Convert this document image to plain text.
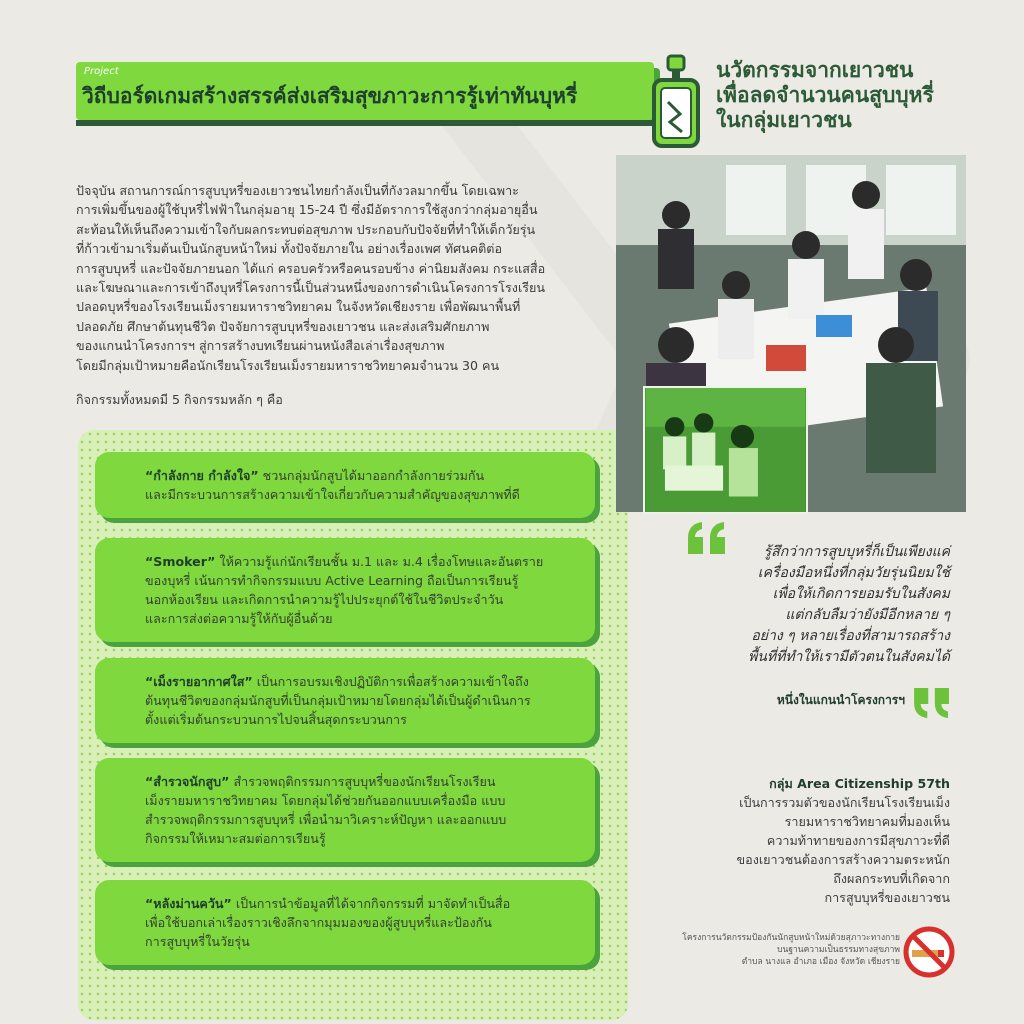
Project
วิถีบอร์ดเกมสร้างสรรค์ส่งเสริมสุขภาวะการรู้เท่าทันบุหรี่
นวัตกรรมจากเยาวชน
เพื่อลดจำนวนคนสูบบุหรี่
ในกลุ่มเยาวชน
ปัจจุบัน สถานการณ์การสูบบุหรี่ของเยาวชนไทยกำลังเป็นที่กังวลมากขึ้น โดยเฉพาะ
การเพิ่มขึ้นของผู้ใช้บุหรี่ไฟฟ้าในกลุ่มอายุ 15-24 ปี ซึ่งมีอัตราการใช้สูงกว่ากลุ่มอายุอื่น
สะท้อนให้เห็นถึงความเข้าใจกับผลกระทบต่อสุขภาพ ประกอบกับปัจจัยที่ทำให้เด็กวัยรุ่น
ที่ก้าวเข้ามาเริ่มต้นเป็นนักสูบหน้าใหม่ ทั้งปัจจัยภายใน อย่างเรื่องเพศ ทัศนคติต่อ
การสูบบุหรี่ และปัจจัยภายนอก ได้แก่ ครอบครัวหรือคนรอบข้าง ค่านิยมสังคม กระแสสื่อ
และโฆษณาและการเข้าถึงบุหรี่โครงการนี้เป็นส่วนหนึ่งของการดำเนินโครงการโรงเรียน
ปลอดบุหรี่ของโรงเรียนเม็งรายมหาราชวิทยาคม ในจังหวัดเชียงราย เพื่อพัฒนาพื้นที่
ปลอดภัย ศึกษาต้นทุนชีวิต ปัจจัยการสูบบุหรี่ของเยาวชน และส่งเสริมศักยภาพ
ของแกนนำโครงการฯ สู่การสร้างบทเรียนผ่านหนังสือเล่าเรื่องสุขภาพ
โดยมีกลุ่มเป้าหมายคือนักเรียนโรงเรียนเม็งรายมหาราชวิทยาคมจำนวน 30 คน
กิจกรรมทั้งหมดมี 5 กิจกรรมหลัก ๆ คือ
“กำลังกาย กำลังใจ” ชวนกลุ่มนักสูบได้มาออกกำลังกายร่วมกัน
และมีกระบวนการสร้างความเข้าใจเกี่ยวกับความสำคัญของสุขภาพที่ดี
“Smoker” ให้ความรู้แก่นักเรียนชั้น ม.1 และ ม.4 เรื่องโทษและอันตราย
ของบุหรี่ เน้นการทำกิจกรรมแบบ Active Learning ถือเป็นการเรียนรู้
นอกห้องเรียน และเกิดการนำความรู้ไปประยุกต์ใช้ในชีวิตประจำวัน
และการส่งต่อความรู้ให้กับผู้อื่นด้วย
“เม็งรายอากาศใส” เป็นการอบรมเชิงปฏิบัติการเพื่อสร้างความเข้าใจถึง
ต้นทุนชีวิตของกลุ่มนักสูบที่เป็นกลุ่มเป้าหมายโดยกลุ่มได้เป็นผู้ดำเนินการ
ตั้งแต่เริ่มต้นกระบวนการไปจนสิ้นสุดกระบวนการ
“สำรวจนักสูบ” สำรวจพฤติกรรมการสูบบุหรี่ของนักเรียนโรงเรียน
เม็งรายมหาราชวิทยาคม โดยกลุ่มได้ช่วยกันออกแบบเครื่องมือ แบบ
สำรวจพฤติกรรมการสูบบุหรี่ เพื่อนำมาวิเคราะห์ปัญหา และออกแบบ
กิจกรรมให้เหมาะสมต่อการเรียนรู้
“หลังม่านควัน” เป็นการนำข้อมูลที่ได้จากกิจกรรมที่ มาจัดทำเป็นสื่อ
เพื่อใช้บอกเล่าเรื่องราวเชิงลึกจากมุมมองของผู้สูบบุหรี่และป้องกัน
การสูบบุหรี่ในวัยรุ่น
รู้สึกว่าการสูบบุหรี่ก็เป็นเพียงแค่
เครื่องมือหนึ่งที่กลุ่มวัยรุ่นนิยมใช้
เพื่อให้เกิดการยอมรับในสังคม
แต่กลับลืมว่ายังมีอีกหลาย ๆ
อย่าง ๆ หลายเรื่องที่สามารถสร้าง
พื้นที่ที่ทำให้เรามีตัวตนในสังคมได้
หนึ่งในแกนนำโครงการฯ
กลุ่ม Area Citizenship 57th
เป็นการรวมตัวของนักเรียนโรงเรียนเม็ง
รายมหาราชวิทยาคมที่มองเห็น
ความท้าทายของการมีสุขภาวะที่ดี
ของเยาวชนต้องการสร้างความตระหนัก
ถึงผลกระทบที่เกิดจาก
การสูบบุหรี่ของเยาวชน
โครงการนวัตกรรมป้องกันนักสูบหน้าใหม่ด้วยสุภาวะทางกาย
บนฐานความเป็นธรรมทางสุขภาพ
ตำบล นางแล อำเภอ เมือง จังหวัด เชียงราย
